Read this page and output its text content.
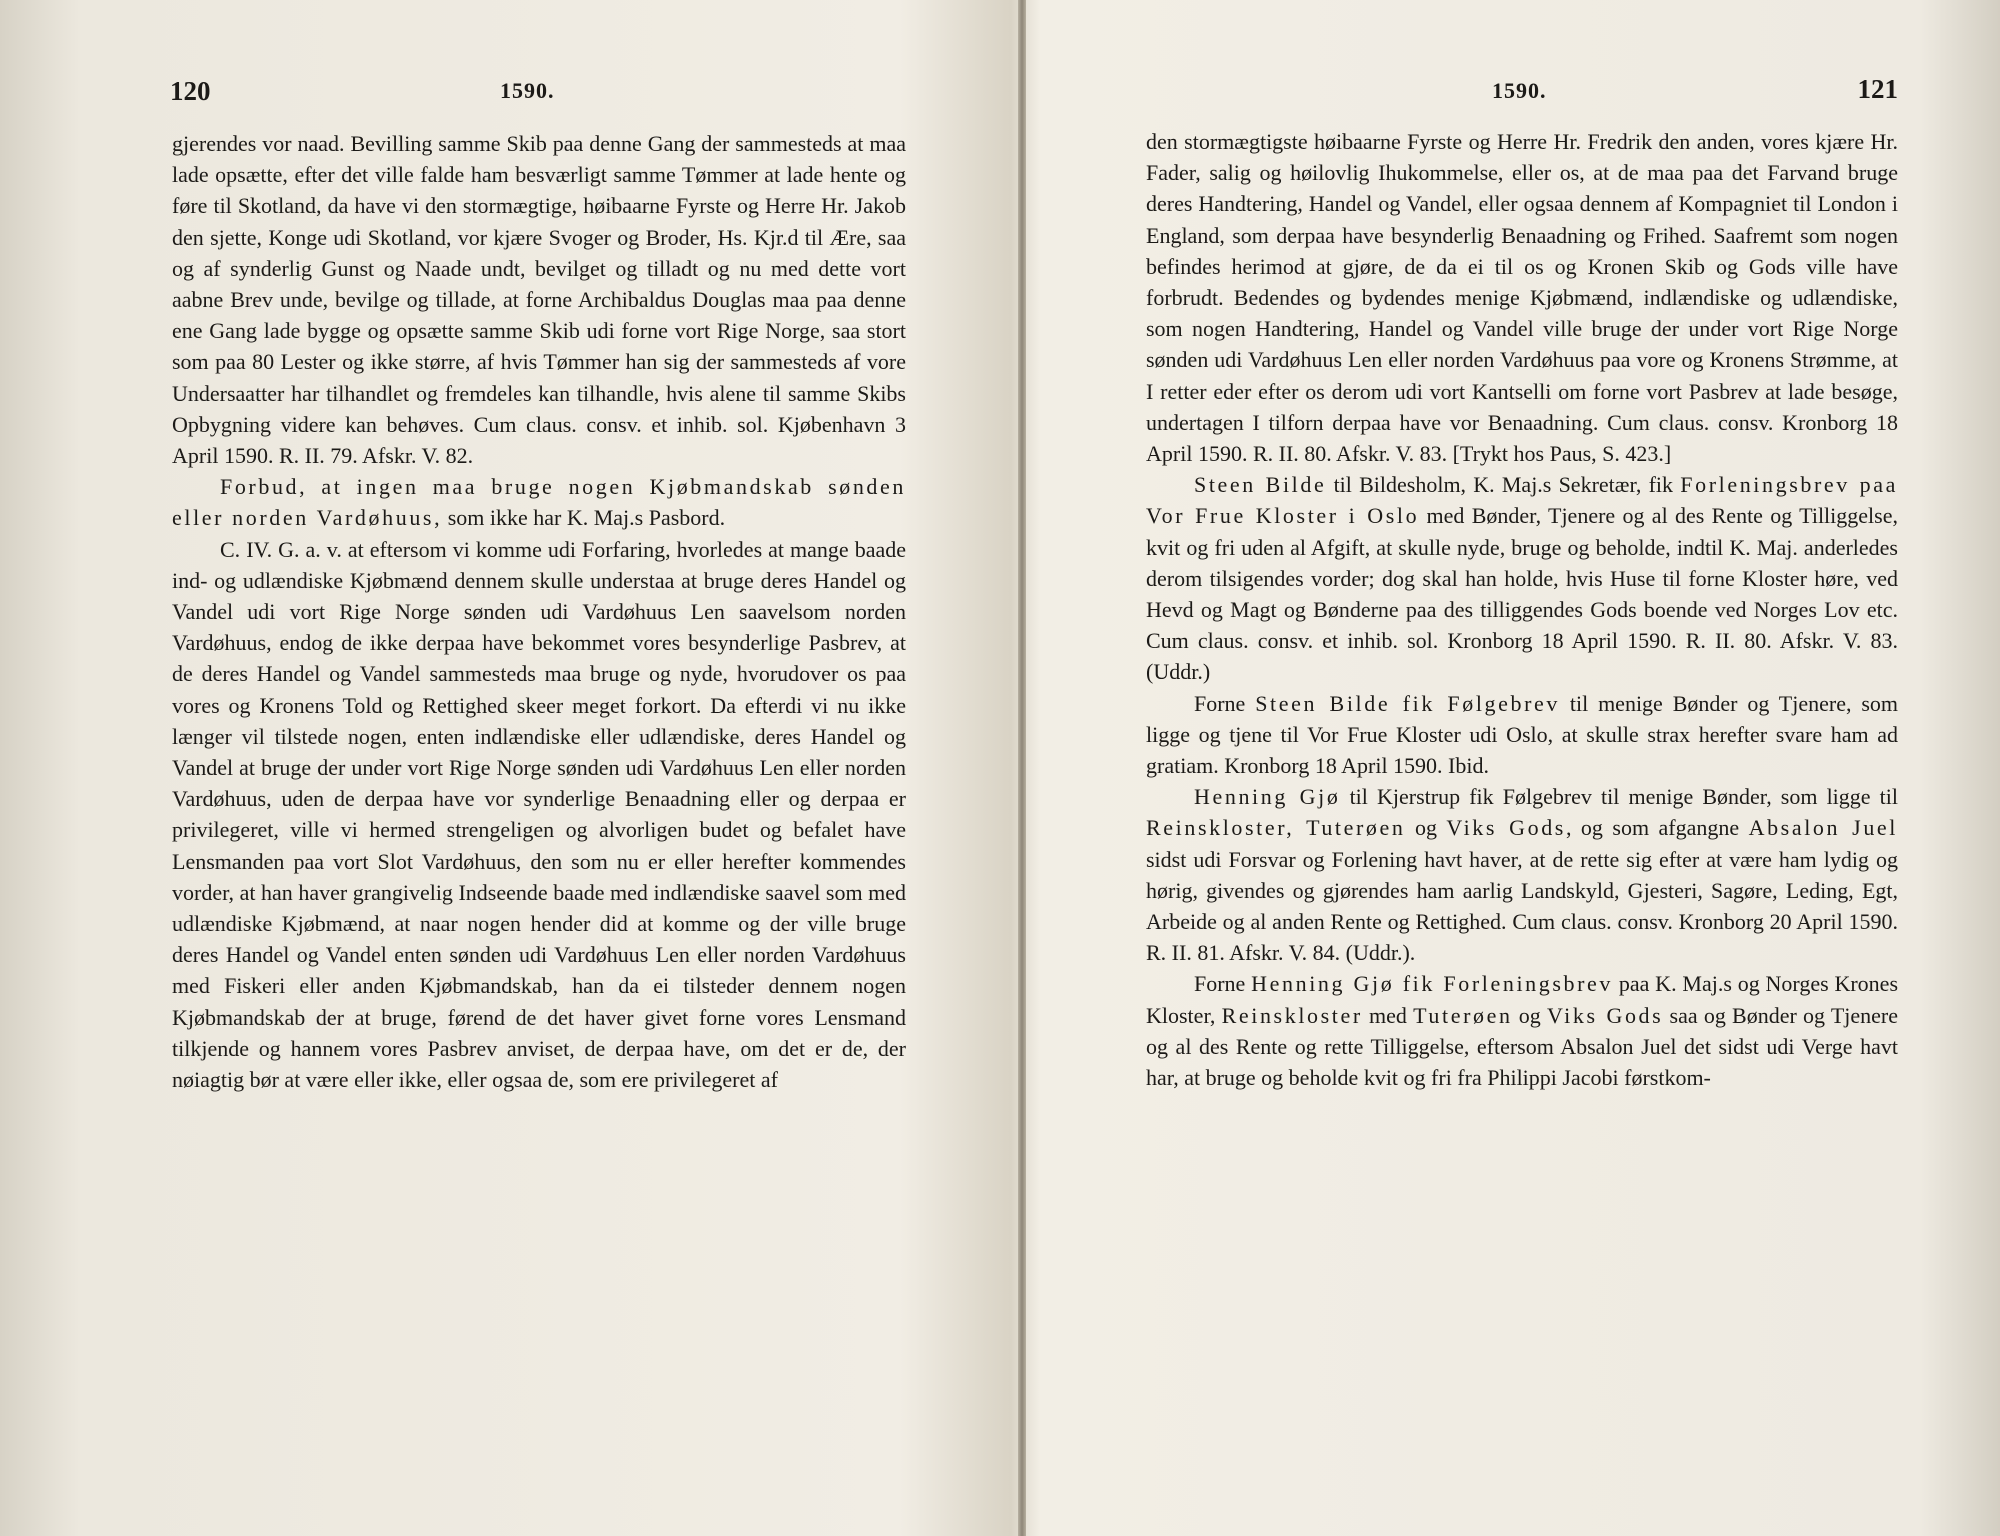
120	1590.

gjerendes vor naad. Bevilling samme Skib paa denne Gang der sammesteds at maa lade opsætte, efter det ville falde ham besværligt samme Tømmer at lade hente og føre til Skotland, da have vi den stormægtige, høibaarne Fyrste og Herre Hr. Jakob den sjette, Konge udi Skotland, vor kjære Svoger og Broder, Hs. Kjr.d til Ære, saa og af synderlig Gunst og Naade undt, bevilget og tilladt og nu med dette vort aabne Brev unde, bevilge og tillade, at forne Archibaldus Douglas maa paa denne ene Gang lade bygge og opsætte samme Skib udi forne vort Rige Norge, saa stort som paa 80 Lester og ikke større, af hvis Tømmer han sig der sammesteds af vore Undersaatter har tilhandlet og fremdeles kan tilhandle, hvis alene til samme Skibs Opbygning videre kan behøves. Cum claus. consv. et inhib. sol. Kjøbenhavn 3 April 1590. R. II. 79. Afskr. V. 82.

Forbud, at ingen maa bruge nogen Kjøbmandskab sønden eller norden Vardøhuus, som ikke har K. Maj.s Pasbord.

C. IV. G. a. v. at eftersom vi komme udi Forfaring, hvorledes at mange baade ind- og udlændiske Kjøbmænd dennem skulle understaa at bruge deres Handel og Vandel udi vort Rige Norge sønden udi Vardøhuus Len saavelsom norden Vardøhuus, endog de ikke derpaa have bekommet vores besynderlige Pasbrev, at de deres Handel og Vandel sammesteds maa bruge og nyde, hvorudover os paa vores og Kronens Told og Rettighed skeer meget forkort. Da efterdi vi nu ikke længer vil tilstede nogen, enten indlændiske eller udlændiske, deres Handel og Vandel at bruge der under vort Rige Norge sønden udi Vardøhuus Len eller norden Vardøhuus, uden de derpaa have vor synderlige Benaadning eller og derpaa er privilegeret, ville vi hermed strengeligen og alvorligen budet og befalet have Lensmanden paa vort Slot Vardøhuus, den som nu er eller herefter kommendes vorder, at han haver grangivelig Indseende baade med indlændiske saavel som med udlændiske Kjøbmænd, at naar nogen hender did at komme og der ville bruge deres Handel og Vandel enten sønden udi Vardøhuus Len eller norden Vardøhuus med Fiskeri eller anden Kjøbmandskab, han da ei tilsteder dennem nogen Kjøbmandskab der at bruge, førend de det haver givet forne vores Lensmand tilkjende og hannem vores Pasbrev anviset, de derpaa have, om det er de, der nøiagtig bør at være eller ikke, eller ogsaa de, som ere privilegeret af

1590.	121

den stormægtigste høibaarne Fyrste og Herre Hr. Fredrik den anden, vores kjære Hr. Fader, salig og høilovlig Ihukommelse, eller os, at de maa paa det Farvand bruge deres Handtering, Handel og Vandel, eller ogsaa dennem af Kompagniet til London i England, som derpaa have besynderlig Benaadning og Frihed. Saafremt som nogen befindes herimod at gjøre, de da ei til os og Kronen Skib og Gods ville have forbrudt. Bedendes og bydendes menige Kjøbmænd, indlændiske og udlændiske, som nogen Handtering, Handel og Vandel ville bruge der under vort Rige Norge sønden udi Vardøhuus Len eller norden Vardøhuus paa vore og Kronens Strømme, at I retter eder efter os derom udi vort Kantselli om forne vort Pasbrev at lade besøge, undertagen I tilforn derpaa have vor Benaadning. Cum claus. consv. Kronborg 18 April 1590. R. II. 80. Afskr. V. 83. [Trykt hos Paus, S. 423.]

Steen Bilde til Bildesholm, K. Maj.s Sekretær, fik Forleningsbrev paa Vor Frue Kloster i Oslo med Bønder, Tjenere og al des Rente og Tilliggelse, kvit og fri uden al Afgift, at skulle nyde, bruge og beholde, indtil K. Maj. anderledes derom tilsigendes vorder; dog skal han holde, hvis Huse til forne Kloster høre, ved Hevd og Magt og Bønderne paa des tilliggendes Gods boende ved Norges Lov etc. Cum claus. consv. et inhib. sol. Kronborg 18 April 1590. R. II. 80. Afskr. V. 83. (Uddr.)

Forne Steen Bilde fik Følgebrev til menige Bønder og Tjenere, som ligge og tjene til Vor Frue Kloster udi Oslo, at skulle strax herefter svare ham ad gratiam. Kronborg 18 April 1590. Ibid.

Henning Gjø til Kjerstrup fik Følgebrev til menige Bønder, som ligge til Reinskloster, Tuterøen og Viks Gods, og som afgangne Absalon Juel sidst udi Forsvar og Forlening havt haver, at de rette sig efter at være ham lydig og hørig, givendes og gjørendes ham aarlig Landskyld, Gjesteri, Sagøre, Leding, Egt, Arbeide og al anden Rente og Rettighed. Cum claus. consv. Kronborg 20 April 1590. R. II. 81. Afskr. V. 84. (Uddr.).

Forne Henning Gjø fik Forleningsbrev paa K. Maj.s og Norges Krones Kloster, Reinskloster med Tuterøen og Viks Gods saa og Bønder og Tjenere og al des Rente og rette Tilliggelse, eftersom Absalon Juel det sidst udi Verge havt har, at bruge og beholde kvit og fri fra Philippi Jacobi førstkom-
